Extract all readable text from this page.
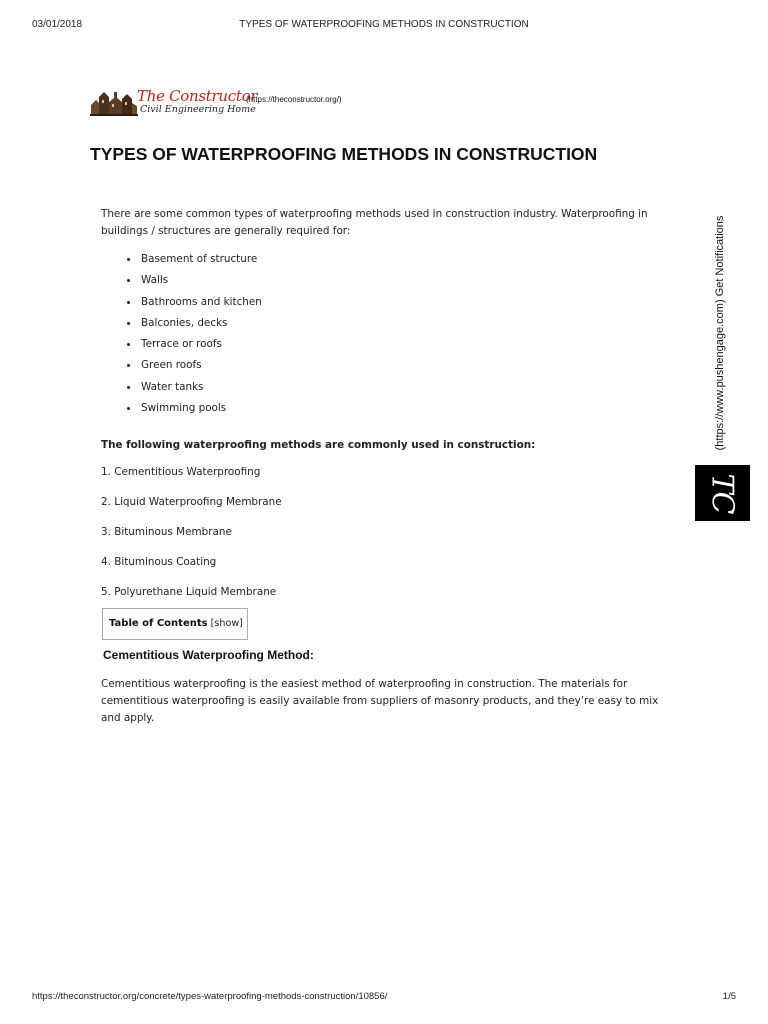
03/01/2018	TYPES OF WATERPROOFING METHODS IN CONSTRUCTION
The Constructor
Civil Engineering Home
(https://theconstructor.org/)
TYPES OF WATERPROOFING METHODS IN CONSTRUCTION

There are some common types of waterproofing methods used in construction industry. Waterproofing in buildings / structures are generally required for:

Basement of structure
Walls
Bathrooms and kitchen
Balconies, decks
Terrace or roofs
Green roofs
Water tanks
Swimming pools

The following waterproofing methods are commonly used in construction:

1. Cementitious Waterproofing
2. Liquid Waterproofing Membrane
3. Bituminous Membrane
4. Bituminous Coating
5. Polyurethane Liquid Membrane
Table of Contents [show]
Cementitious Waterproofing Method:

Cementitious waterproofing is the easiest method of waterproofing in construction. The materials for cementitious waterproofing is easily available from suppliers of masonry products, and they’re easy to mix and apply.

(https://www.pushengage.com) Get Notifications
TC
https://theconstructor.org/concrete/types-waterproofing-methods-construction/10856/	1/5
